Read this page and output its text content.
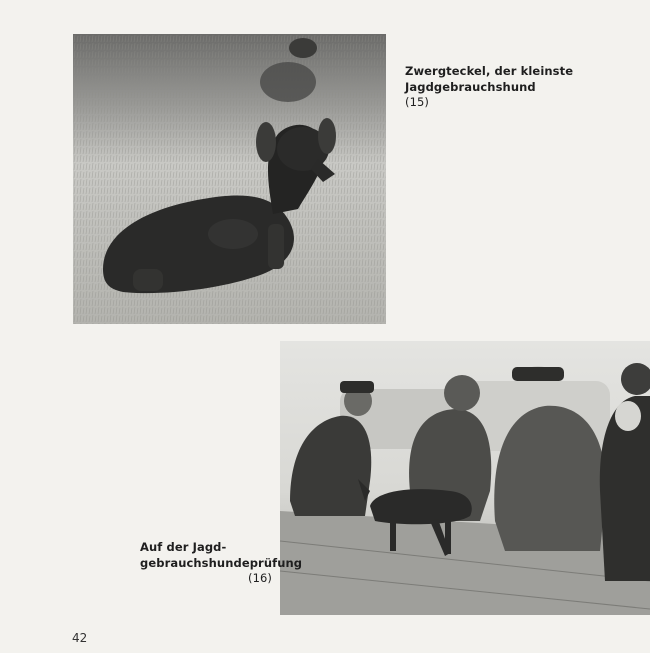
Zwergteckel, der kleinste
Jagdgebrauchshund
(15)
Auf der Jagd-
gebrauchshundeprüfung
(16)
42
